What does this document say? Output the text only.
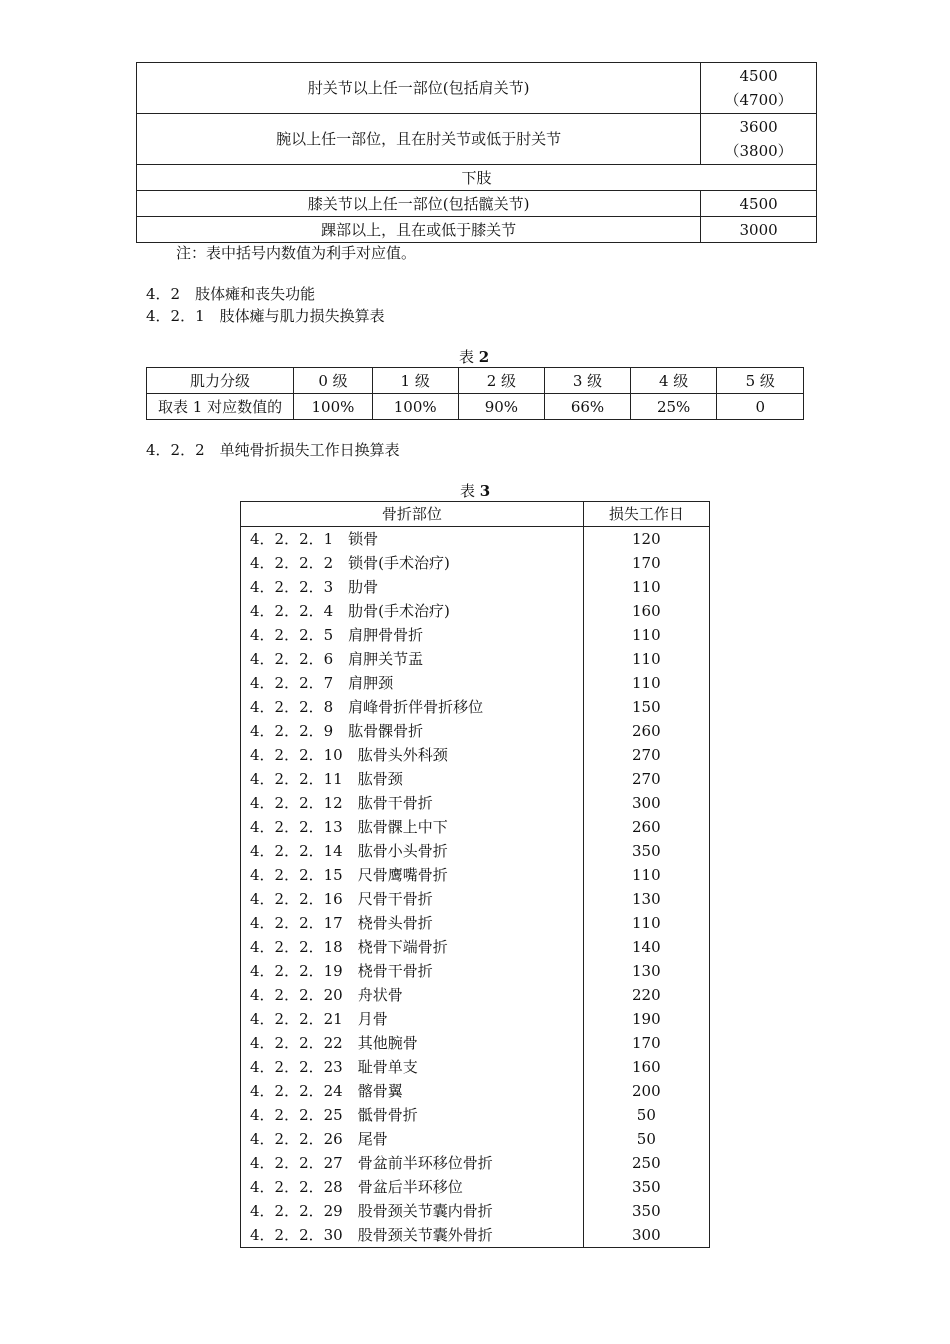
肘关节以上任一部位(包括肩关节)	4500
（4700）

腕以上任一部位，且在肘关节或低于肘关节	3600
（3800）

下肢	
膝关节以上任一部位(包括髋关节)	4500
踝部以上，且在或低于膝关节	3000
注：表中括号内数值为利手对应值。
4．2　肢体瘫和丧失功能
4．2．1　肢体瘫与肌力损失换算表
表 2
肌力分级	0 级	1 级	2 级	3 级	4 级	5 级
取表 1 对应数值的	100%	100%	90%	66%	25%	0
4．2．2　单纯骨折损失工作日换算表
表 3
骨折部位	损失工作日
4．2．2．1　锁骨	120
4．2．2．2　锁骨(手术治疗)	170
4．2．2．3　肋骨	110
4．2．2．4　肋骨(手术治疗)	160
4．2．2．5　肩胛骨骨折	110
4．2．2．6　肩胛关节盂	110
4．2．2．7　肩胛颈	110
4．2．2．8　肩峰骨折伴骨折移位	150
4．2．2．9　肱骨髁骨折	260
4．2．2．10　肱骨头外科颈	270
4．2．2．11　肱骨颈	270
4．2．2．12　肱骨干骨折	300
4．2．2．13　肱骨髁上中下	260
4．2．2．14　肱骨小头骨折	350
4．2．2．15　尺骨鹰嘴骨折	110
4．2．2．16　尺骨干骨折	130
4．2．2．17　桡骨头骨折	110
4．2．2．18　桡骨下端骨折	140
4．2．2．19　桡骨干骨折	130
4．2．2．20　舟状骨	220
4．2．2．21　月骨	190
4．2．2．22　其他腕骨	170
4．2．2．23　耻骨单支	160
4．2．2．24　髂骨翼	200
4．2．2．25　骶骨骨折	50
4．2．2．26　尾骨	50
4．2．2．27　骨盆前半环移位骨折	250
4．2．2．28　骨盆后半环移位	350
4．2．2．29　股骨颈关节囊内骨折	350
4．2．2．30　股骨颈关节囊外骨折	300
